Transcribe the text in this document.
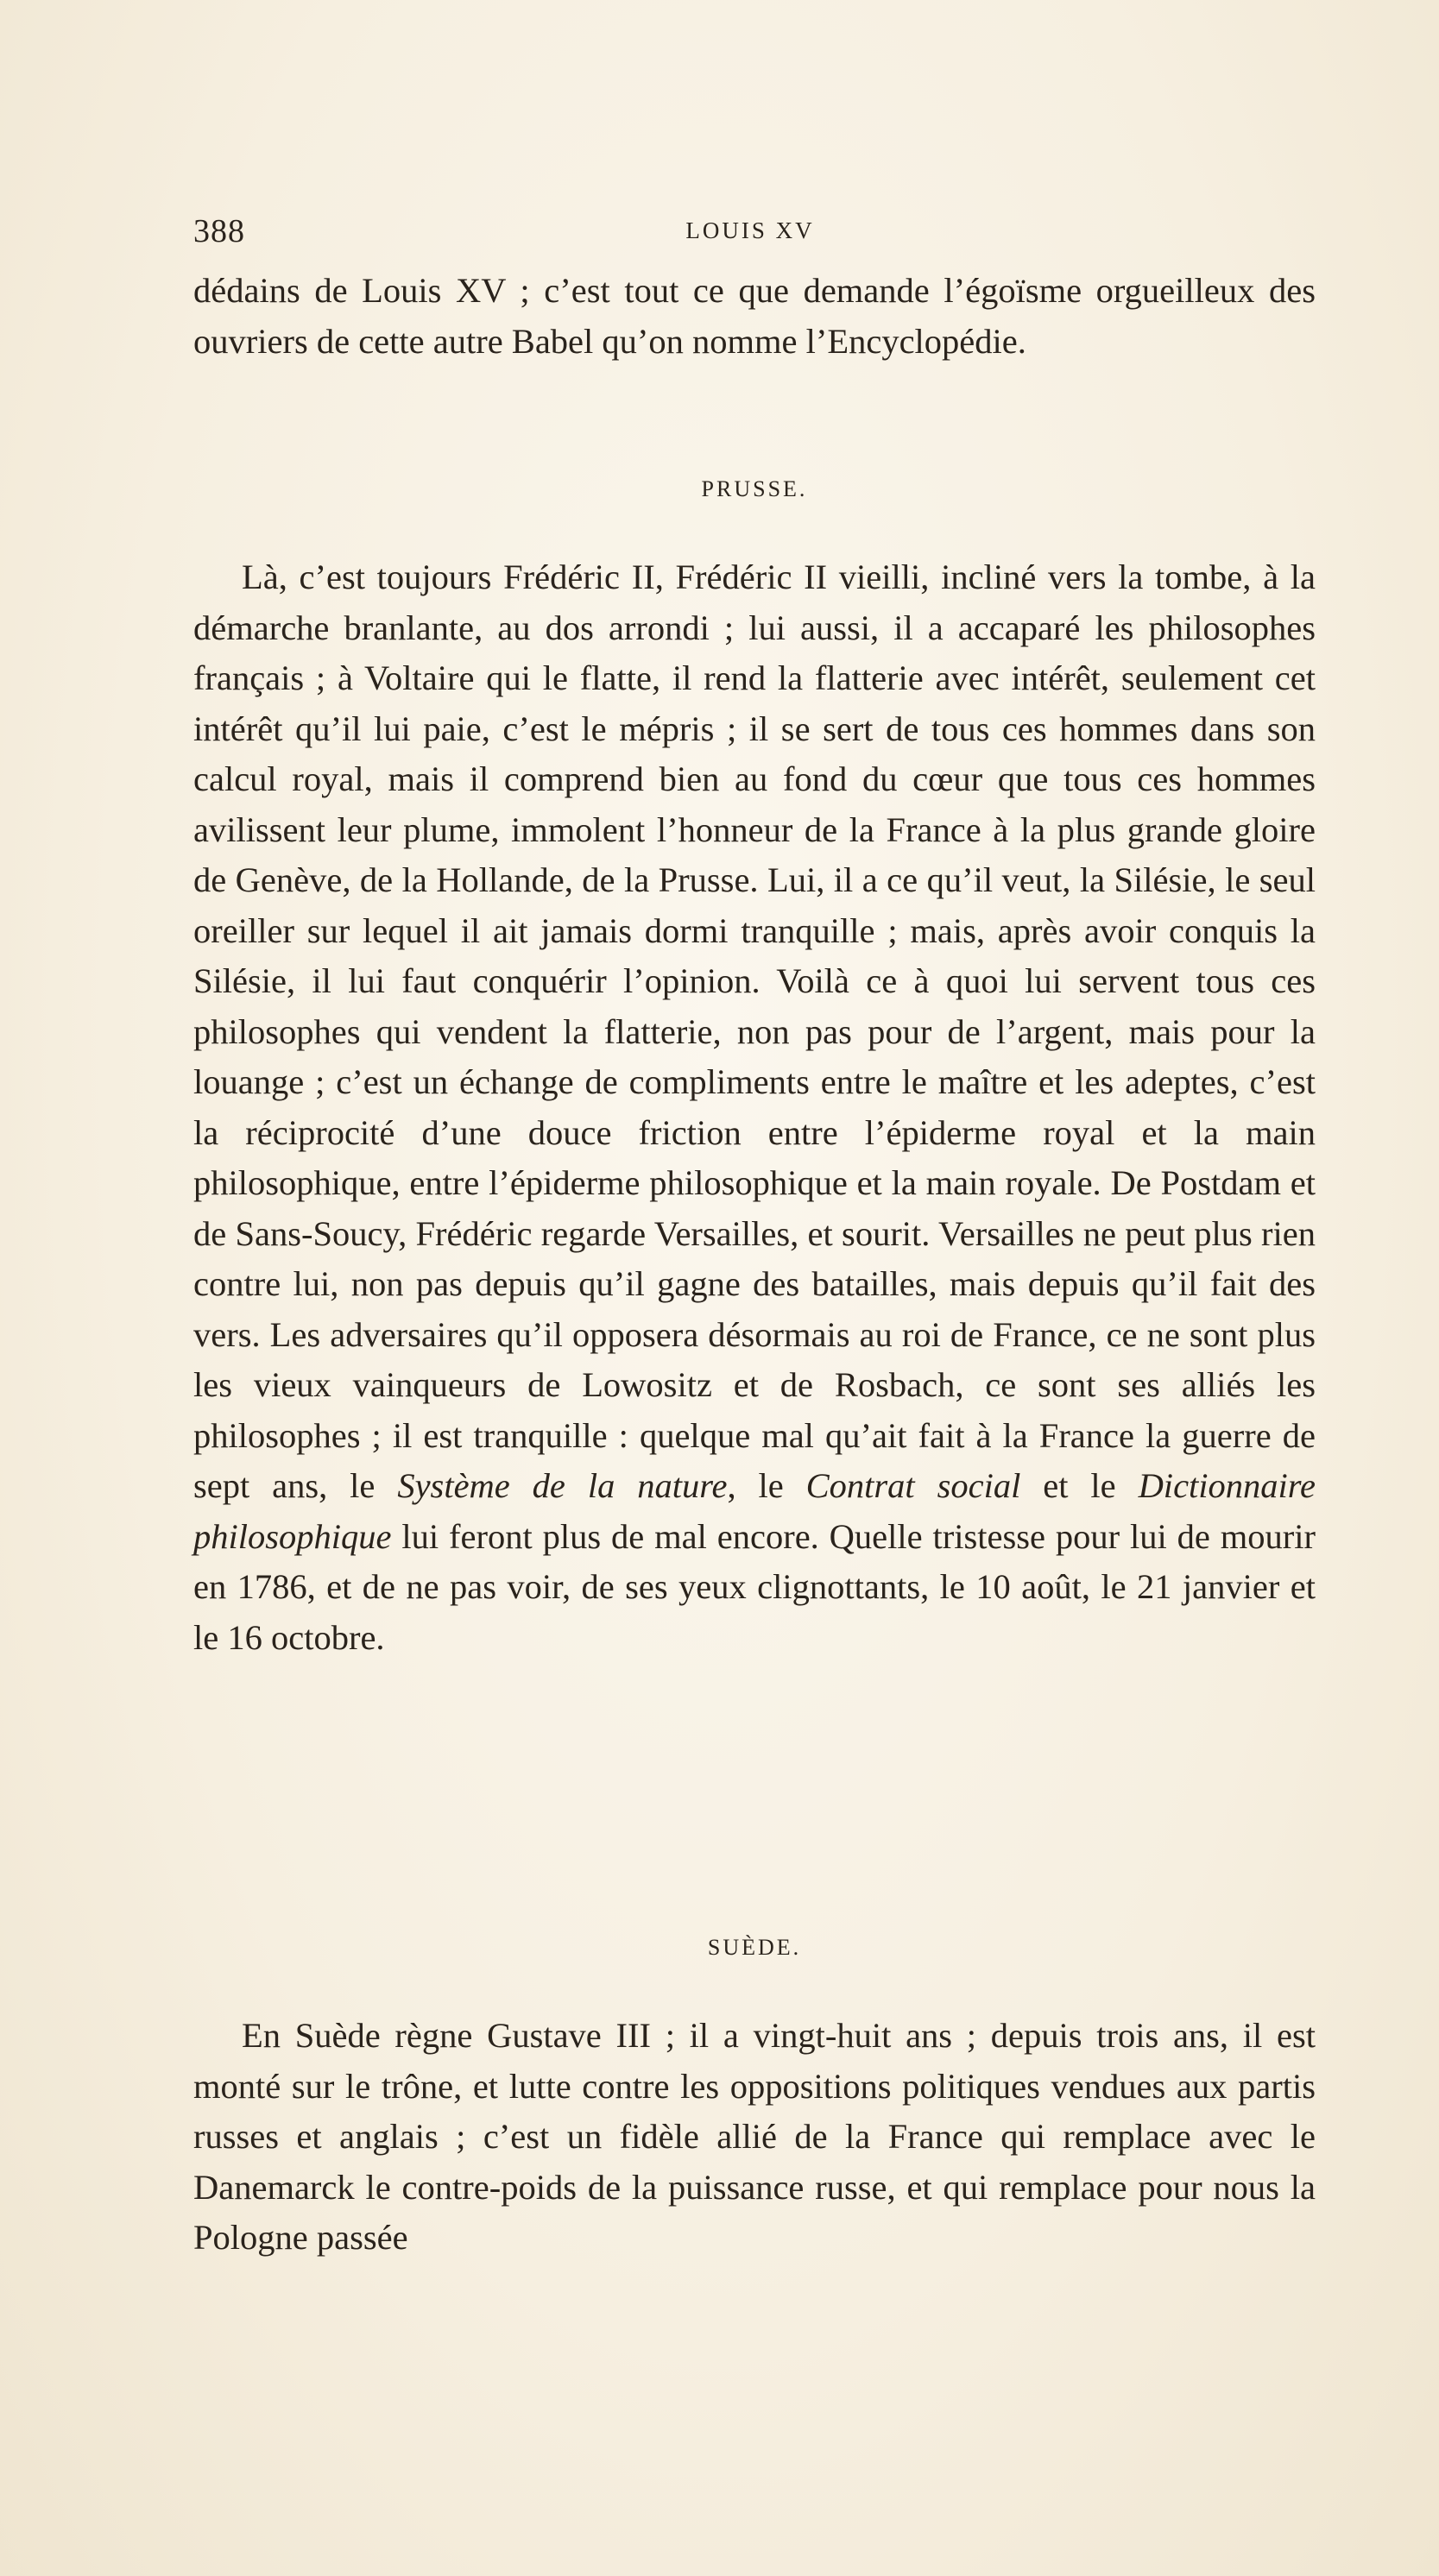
388	LOUIS XV

dédains de Louis XV ; c’est tout ce que demande l’égoïsme orgueilleux des ouvriers de cette autre Babel qu’on nomme l’Encyclopédie.

PRUSSE.

Là, c’est toujours Frédéric II, Frédéric II vieilli, incliné vers la tombe, à la démarche branlante, au dos arrondi ; lui aussi, il a accaparé les philosophes français ; à Voltaire qui le flatte, il rend la flatterie avec intérêt, seulement cet intérêt qu’il lui paie, c’est le mépris ; il se sert de tous ces hommes dans son calcul royal, mais il comprend bien au fond du cœur que tous ces hommes avilissent leur plume, immolent l’honneur de la France à la plus grande gloire de Genève, de la Hollande, de la Prusse. Lui, il a ce qu’il veut, la Silésie, le seul oreiller sur lequel il ait jamais dormi tranquille ; mais, après avoir conquis la Silésie, il lui faut conquérir l’opinion. Voilà ce à quoi lui servent tous ces philosophes qui vendent la flatterie, non pas pour de l’argent, mais pour la louange ; c’est un échange de compliments entre le maître et les adeptes, c’est la réciprocité d’une douce friction entre l’épiderme royal et la main philosophique, entre l’épiderme philosophique et la main royale. De Postdam et de Sans-Soucy, Frédéric regarde Versailles, et sourit. Versailles ne peut plus rien contre lui, non pas depuis qu’il gagne des batailles, mais depuis qu’il fait des vers. Les adversaires qu’il opposera désormais au roi de France, ce ne sont plus les vieux vainqueurs de Lowositz et de Rosbach, ce sont ses alliés les philosophes ; il est tranquille : quelque mal qu’ait fait à la France la guerre de sept ans, le Système de la nature, le Contrat social et le Dictionnaire philosophique lui feront plus de mal encore. Quelle tristesse pour lui de mourir en 1786, et de ne pas voir, de ses yeux clignottants, le 10 août, le 21 janvier et le 16 octobre.

SUÈDE.

En Suède règne Gustave III ; il a vingt-huit ans ; depuis trois ans, il est monté sur le trône, et lutte contre les oppositions politiques vendues aux partis russes et anglais ; c’est un fidèle allié de la France qui remplace avec le Danemarck le contre-poids de la puissance russe, et qui remplace pour nous la Pologne passée
